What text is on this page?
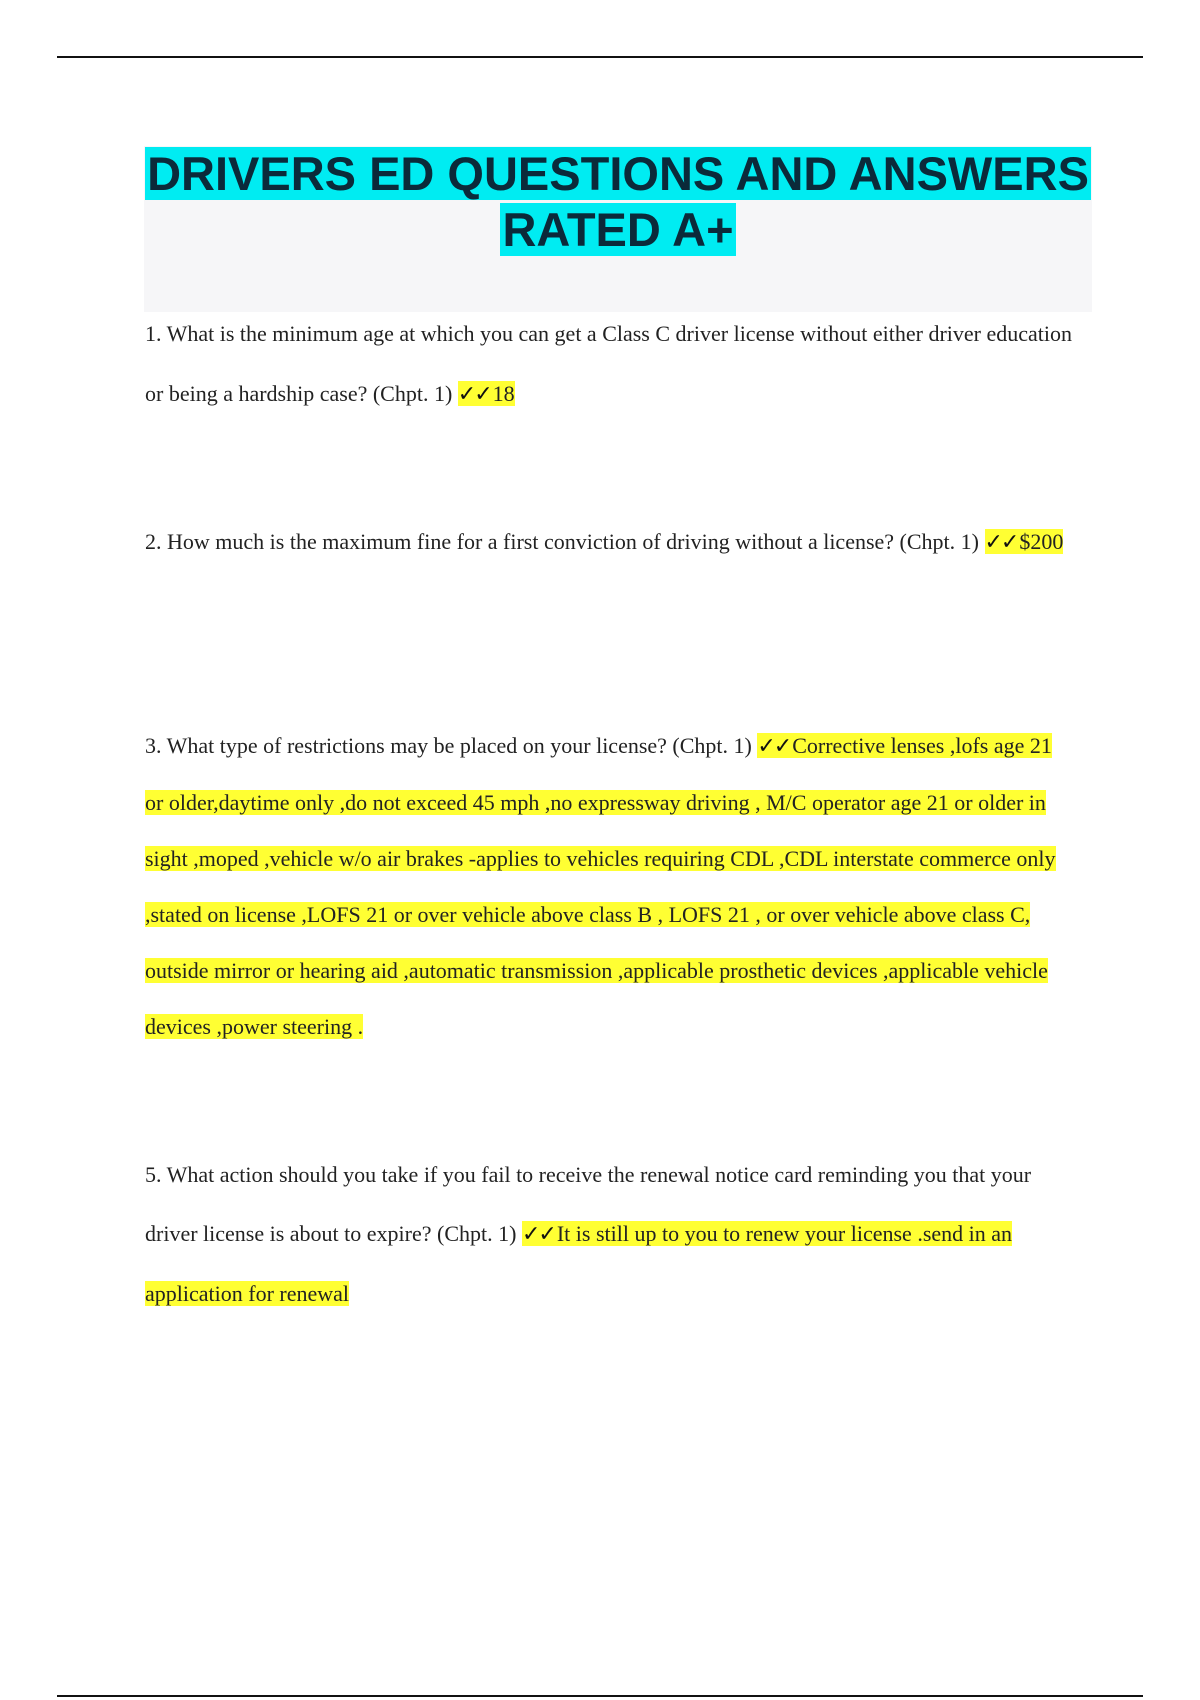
DRIVERS ED QUESTIONS AND ANSWERS RATED A+

1. What is the minimum age at which you can get a Class C driver license without either driver education or being a hardship case? (Chpt. 1) ✓✓18

2. How much is the maximum fine for a first conviction of driving without a license? (Chpt. 1) ✓✓$200

3. What type of restrictions may be placed on your license? (Chpt. 1) ✓✓Corrective lenses ,lofs age 21 or older,daytime only ,do not exceed 45 mph ,no expressway driving , M/C operator age 21 or older in sight ,moped ,vehicle w/o air brakes -applies to vehicles requiring CDL ,CDL interstate commerce only ,stated on license ,LOFS 21 or over vehicle above class B , LOFS 21 , or over vehicle above class C, outside mirror or hearing aid ,automatic transmission ,applicable prosthetic devices ,applicable vehicle devices ,power steering .

5. What action should you take if you fail to receive the renewal notice card reminding you that your driver license is about to expire? (Chpt. 1) ✓✓It is still up to you to renew your license .send in an application for renewal
